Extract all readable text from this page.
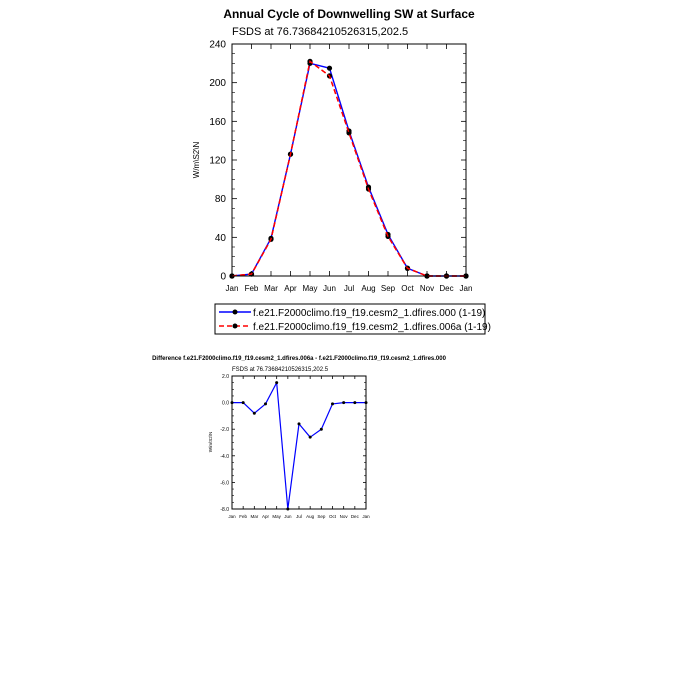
Annual Cycle of Downwelling SW at Surface
FSDS at 76.73684210526315,202.5
0
40
80
120
160
200
240
Jan Feb Mar Apr May Jun Jul Aug Sep Oct Nov Dec Jan
W/m\S2\N
f.e21.F2000climo.f19_f19.cesm2_1.dfires.000 (1-19)
f.e21.F2000climo.f19_f19.cesm2_1.dfires.006a (1-19)
Difference f.e21.F2000climo.f19_f19.cesm2_1.dfires.006a - f.e21.F2000climo.f19_f19.cesm2_1.dfires.000
FSDS at 76.73684210526315,202.5
-8.0
-6.0
-4.0
-2.0
0.0
2.0
Jan Feb Mar Apr May Jun Jul Aug Sep Oct Nov Dec Jan
W/m\S2\N
